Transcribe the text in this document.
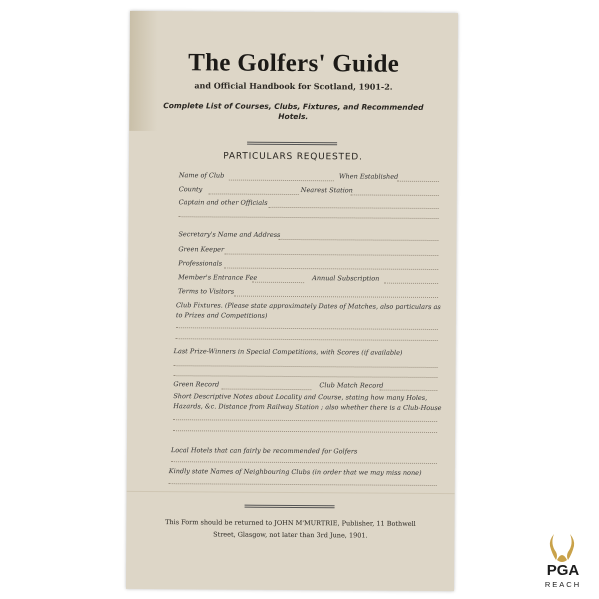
The Golfers' Guide
and Official Handbook for Scotland, 1901-2.
Complete List of Courses, Clubs, Fixtures, and Recommended Hotels.
PARTICULARS REQUESTED.
Name of Club	When Established
County	Nearest Station
Captain and other Officials
Secretary's Name and Address
Green Keeper
Professionals
Member's Entrance Fee	Annual Subscription
Terms to Visitors
Club Fixtures. (Please state approximately Dates of Matches, also particulars as
to Prizes and Competitions)
Last Prize-Winners in Special Competitions, with Scores (if available)
Green Record	Club Match Record
Short Descriptive Notes about Locality and Course, stating how many Holes,
Hazards, &c. Distance from Railway Station ; also whether there is a Club-House
Local Hotels that can fairly be recommended for Golfers
Kindly state Names of Neighbouring Clubs (in order that we may miss none)
This Form should be returned to JOHN M'MURTRIE, Publisher, 11 Bothwell
Street, Glasgow, not later than 3rd June, 1901.
PGA
REACH
